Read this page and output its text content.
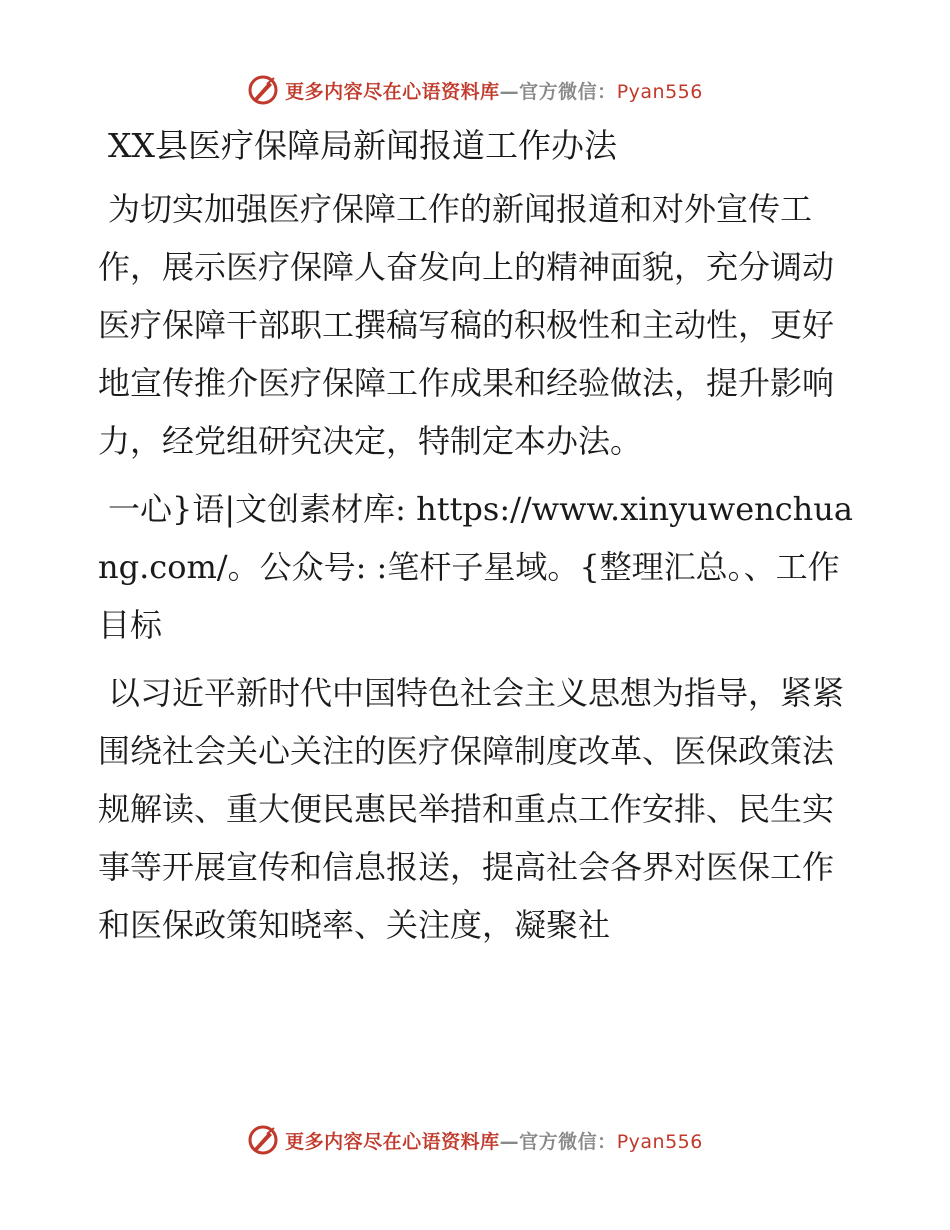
更多内容尽在心语资料库—官方微信：Pyan556
XX县医疗保障局新闻报道工作办法

为切实加强医疗保障工作的新闻报道和对外宣传工作，展示医疗保障人奋发向上的精神面貌，充分调动医疗保障干部职工撰稿写稿的积极性和主动性，更好地宣传推介医疗保障工作成果和经验做法，提升影响力，经党组研究决定，特制定本办法。

一心}语|文创素材库: https://www.xinyuwenchuang.com/。公众号: :笔杆子星域。{整理汇总。、工作目标

以习近平新时代中国特色社会主义思想为指导，紧紧围绕社会关心关注的医疗保障制度改革、医保政策法规解读、重大便民惠民举措和重点工作安排、民生实事等开展宣传和信息报送，提高社会各界对医保工作和医保政策知晓率、关注度，凝聚社

更多内容尽在心语资料库—官方微信：Pyan556
